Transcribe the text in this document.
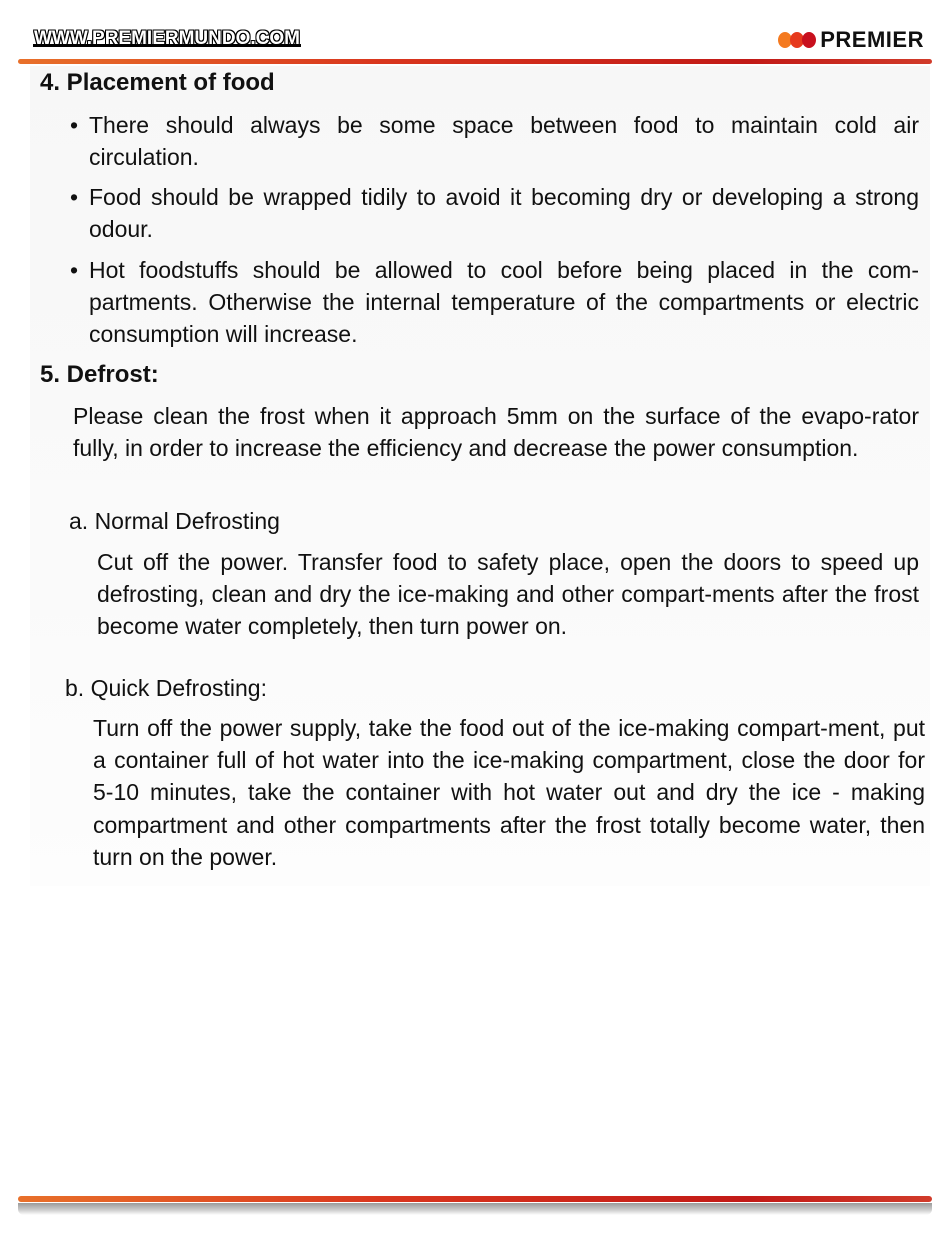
WWW.PREMIERMUNDO.COM	PREMIER
4. Placement of food
• There should always be some space between food to maintain cold air circulation.
• Food should be wrapped tidily to avoid it becoming dry or developing a strong odour.
• Hot foodstuffs should be allowed to cool before being placed in the com-partments. Otherwise the internal temperature of the compartments or electric consumption will increase.
5. Defrost:
Please clean the frost when it approach 5mm on the surface of the evapo-rator fully, in order to increase the efficiency and decrease the power consumption.
a. Normal Defrosting
Cut off the power. Transfer food to safety place, open the doors to speed up defrosting, clean and dry the ice-making and other compart-ments after the frost become water completely, then turn power on.
b. Quick Defrosting:
Turn off the power supply, take the food out of the ice-making compart-ment, put a container full of hot water into the ice-making compartment, close the door for 5-10 minutes, take the container with hot water out and dry the ice - making compartment and other compartments after the frost totally become water, then turn on the power.
